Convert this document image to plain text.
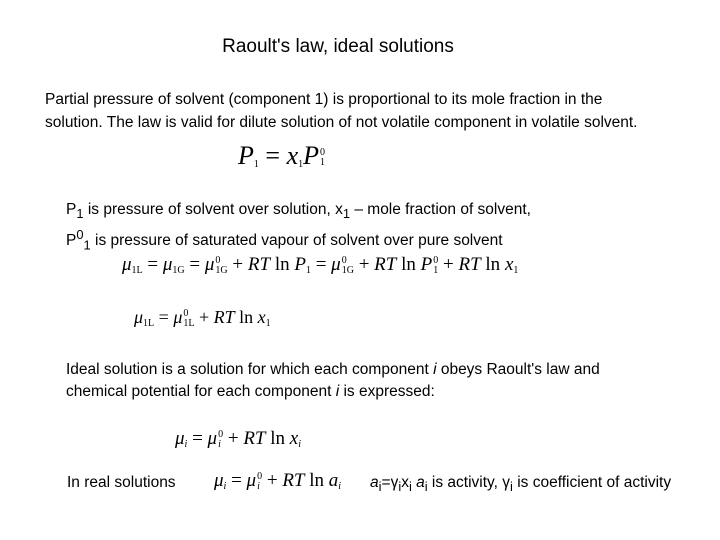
Raoult's law, ideal solutions
Partial pressure of solvent (component 1) is proportional to its mole fraction in the
solution. The law is valid for dilute solution of not volatile component in volatile solvent.
$P_1 = x_1P$ 0
1
$P_1$ is pressure of solvent over solution, $x_1$ – mole fraction of solvent,
$P^0_1$ is pressure of saturated vapour of solvent over pure solvent
$\mu_{1L} = \mu_{1G} = \mu$ 0
1G + RT $\ln P_1 = \mu$ 0
1G + RT ln P 0
1 + RT $\ln x_1$
$\mu_{1L} = \mu$ 0
1L + RT $\ln x_1$
Ideal solution is a solution for which each component i obeys Raoult's law and
chemical potential for each component i is expressed:
$\mu_i = \mu$ 0
i + RT $\ln x_i$
In real solutions $\mu_i = \mu$ 0
i + RT $\ln a_i$ $a_i=\gamma_ix_i$ $a_i$ is activity, $\gamma_i$ is coefficient of activity
